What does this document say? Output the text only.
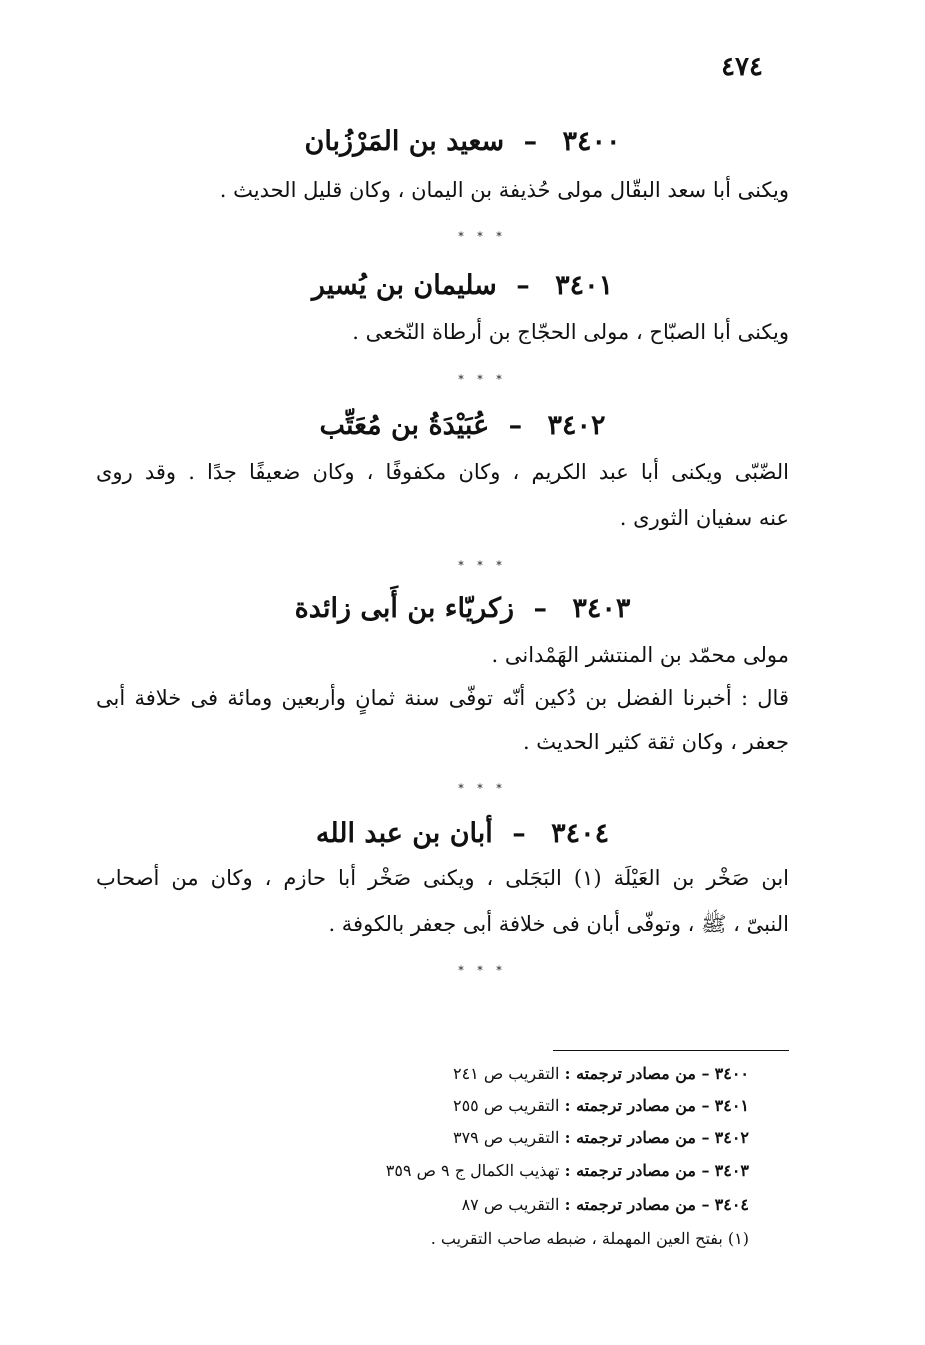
٤٧٤
٣٤٠٠ – سعيد بن المَرْزُبان
ويكنى أبا سعد البقّال مولى حُذيفة بن اليمان ، وكان قليل الحديث .
* * *
٣٤٠١ – سليمان بن يُسير
ويكنى أبا الصبّاح ، مولى الحجّاج بن أرطاة النّخعى .
* * *
٣٤٠٢ – عُبَيْدَةُ بن مُعَتِّب
الضّبّى ويكنى أبا عبد الكريم ، وكان مكفوفًا ، وكان ضعيفًا جدًا . وقد روى
عنه سفيان الثورى .
* * *
٣٤٠٣ – زكريّاء بن أَبى زائدة
مولى محمّد بن المنتشر الهَمْدانى .
قال : أخبرنا الفضل بن دُكين أنّه توفّى سنة ثمانٍ وأربعين ومائة فى خلافة أبى
جعفر ، وكان ثقة كثير الحديث .
* * *
٣٤٠٤ – أبان بن عبد الله
ابن صَخْر بن العَيْلَة (١) البَجَلى ، ويكنى صَخْر أبا حازم ، وكان من أصحاب
النبىّ ، ﷺ ، وتوفّى أبان فى خلافة أبى جعفر بالكوفة .
* * *
٣٤٠٠ – من مصادر ترجمته : التقريب ص ٢٤١
٣٤٠١ – من مصادر ترجمته : التقريب ص ٢٥٥
٣٤٠٢ – من مصادر ترجمته : التقريب ص ٣٧٩
٣٤٠٣ – من مصادر ترجمته : تهذيب الكمال ج ٩ ص ٣٥٩
٣٤٠٤ – من مصادر ترجمته : التقريب ص ٨٧
(١) بفتح العين المهملة ، ضبطه صاحب التقريب .
